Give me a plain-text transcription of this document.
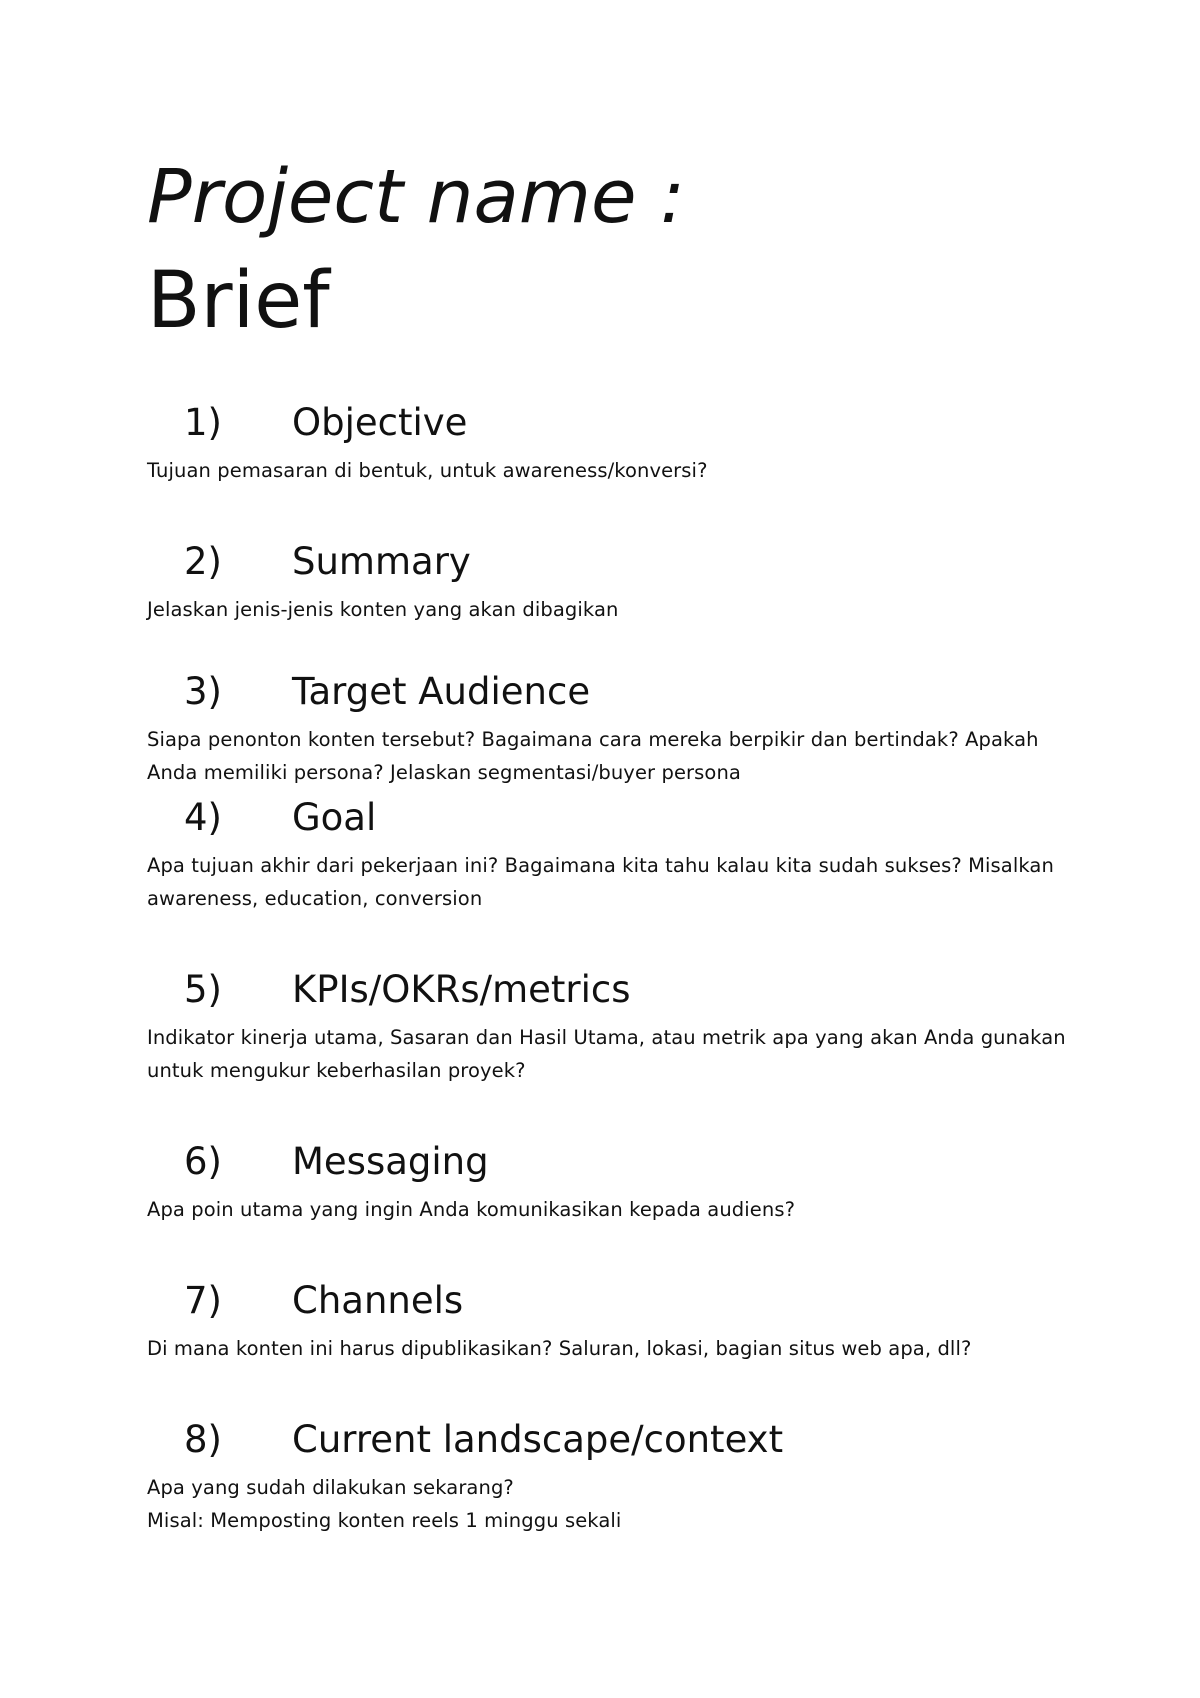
Project name :
Brief
1) Objective

Tujuan pemasaran di bentuk, untuk awareness/konversi?

2) Summary

Jelaskan jenis-jenis konten yang akan dibagikan

3) Target Audience

Siapa penonton konten tersebut? Bagaimana cara mereka berpikir dan bertindak? Apakah Anda memiliki persona? Jelaskan segmentasi/buyer persona

4) Goal

Apa tujuan akhir dari pekerjaan ini? Bagaimana kita tahu kalau kita sudah sukses? Misalkan awareness, education, conversion

5) KPIs/OKRs/metrics

Indikator kinerja utama, Sasaran dan Hasil Utama, atau metrik apa yang akan Anda gunakan untuk mengukur keberhasilan proyek?

6) Messaging

Apa poin utama yang ingin Anda komunikasikan kepada audiens?

7) Channels

Di mana konten ini harus dipublikasikan? Saluran, lokasi, bagian situs web apa, dll?

8) Current landscape/context

Apa yang sudah dilakukan sekarang?
Misal: Memposting konten reels 1 minggu sekali
